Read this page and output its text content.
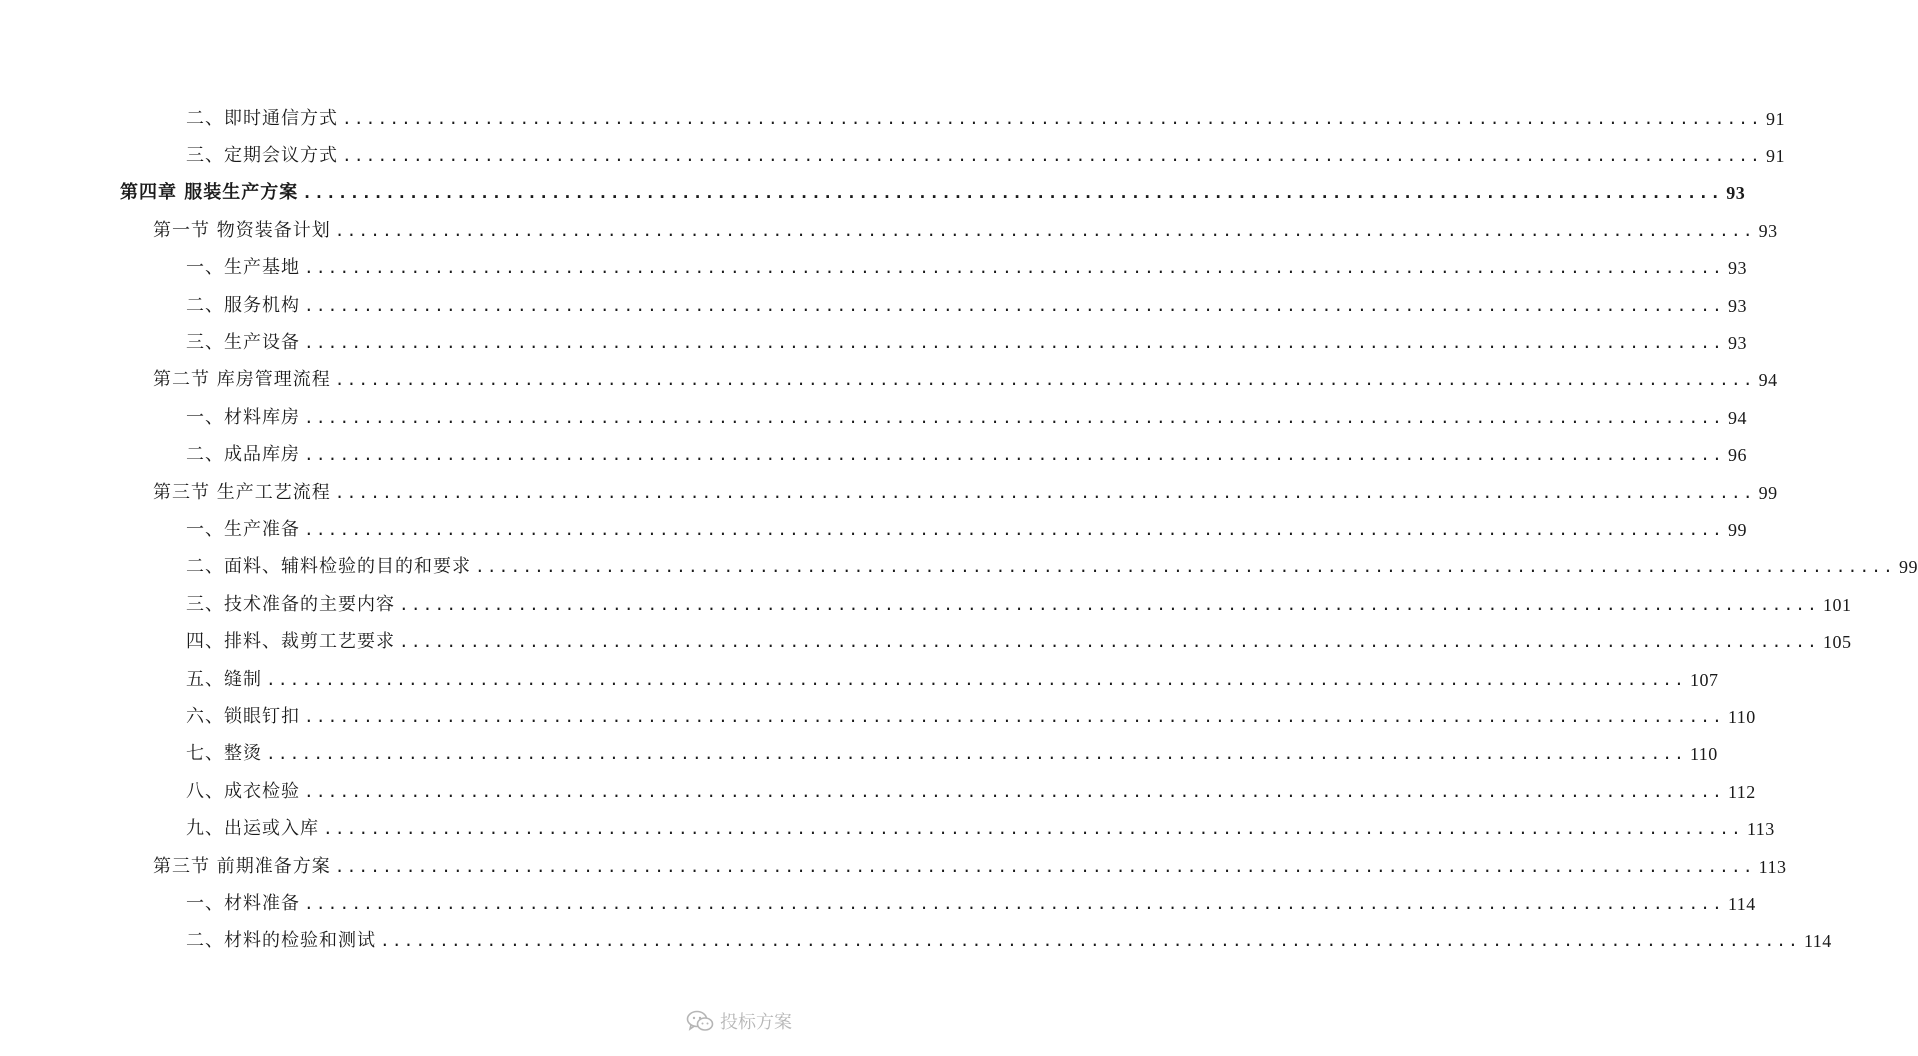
二、即时通信方式 ........................................................................................................................ 91
三、定期会议方式 ........................................................................................................................ 91
第四章 服装生产方案 ........................................................................................................................ 93
第一节 物资装备计划 ........................................................................................................................ 93
一、生产基地 ........................................................................................................................ 93
二、服务机构 ........................................................................................................................ 93
三、生产设备 ........................................................................................................................ 93
第二节 库房管理流程 ........................................................................................................................ 94
一、材料库房 ........................................................................................................................ 94
二、成品库房 ........................................................................................................................ 96
第三节 生产工艺流程 ........................................................................................................................ 99
一、生产准备 ........................................................................................................................ 99
二、面料、辅料检验的目的和要求 ........................................................................................................................ 99
三、技术准备的主要内容 ........................................................................................................................ 101
四、排料、裁剪工艺要求 ........................................................................................................................ 105
五、缝制 ........................................................................................................................ 107
六、锁眼钉扣 ........................................................................................................................ 110
七、整烫 ........................................................................................................................ 110
八、成衣检验 ........................................................................................................................ 112
九、出运或入库 ........................................................................................................................ 113
第三节 前期准备方案 ........................................................................................................................ 113
一、材料准备 ........................................................................................................................ 114
二、材料的检验和测试 ........................................................................................................................ 114
投标方案
